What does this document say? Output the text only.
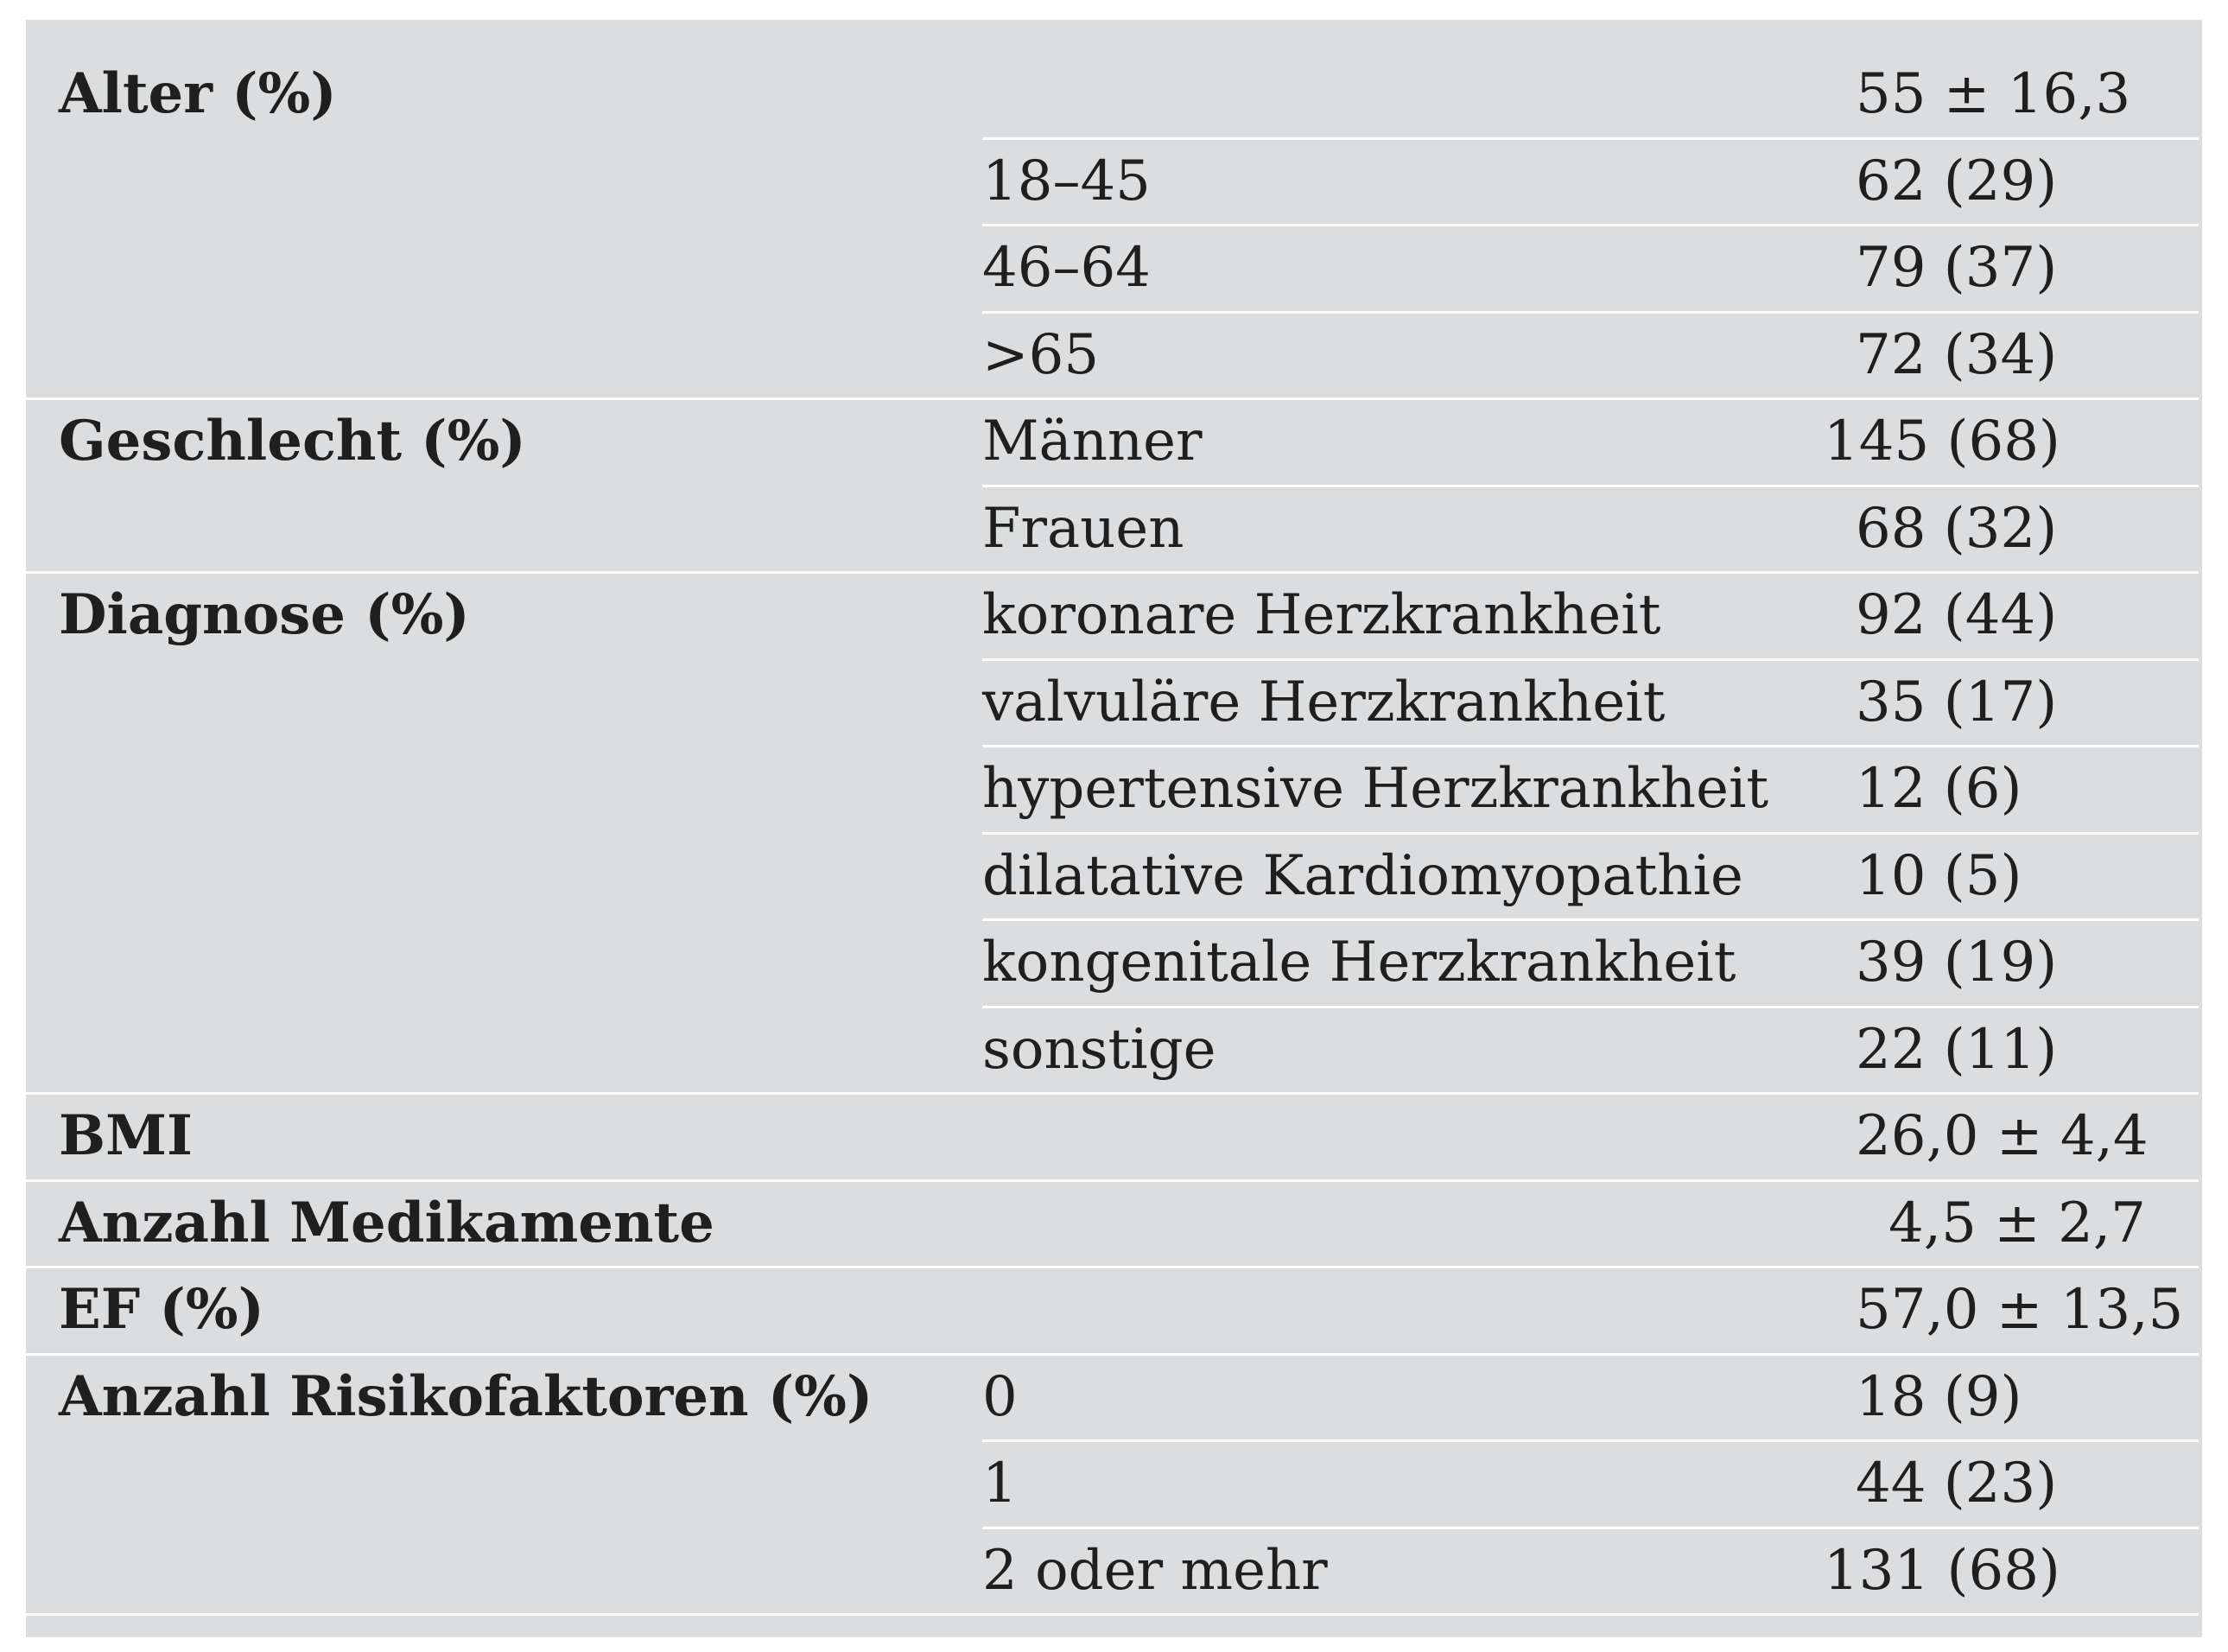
Alter (%)	55 ± 16,3
18–45	62 (29)
46–64	79 (37)
>65	72 (34)
Geschlecht (%)	Männer	145 (68)
Frauen	68 (32)
Diagnose (%)	koronare Herzkrankheit	92 (44)
valvuläre Herzkrankheit	35 (17)
hypertensive Herzkrankheit 12 (6)
dilatative Kardiomyopathie 10 (5)
kongenitale Herzkrankheit 39 (19)
sonstige	22 (11)
BMI	26,0 ± 4,4
Anzahl Medikamente	4,5 ± 2,7
EF (%)	57,0 ± 13,5
Anzahl Risikofaktoren (%) 0	18 (9)
1	44 (23)
2 oder mehr	131 (68)
